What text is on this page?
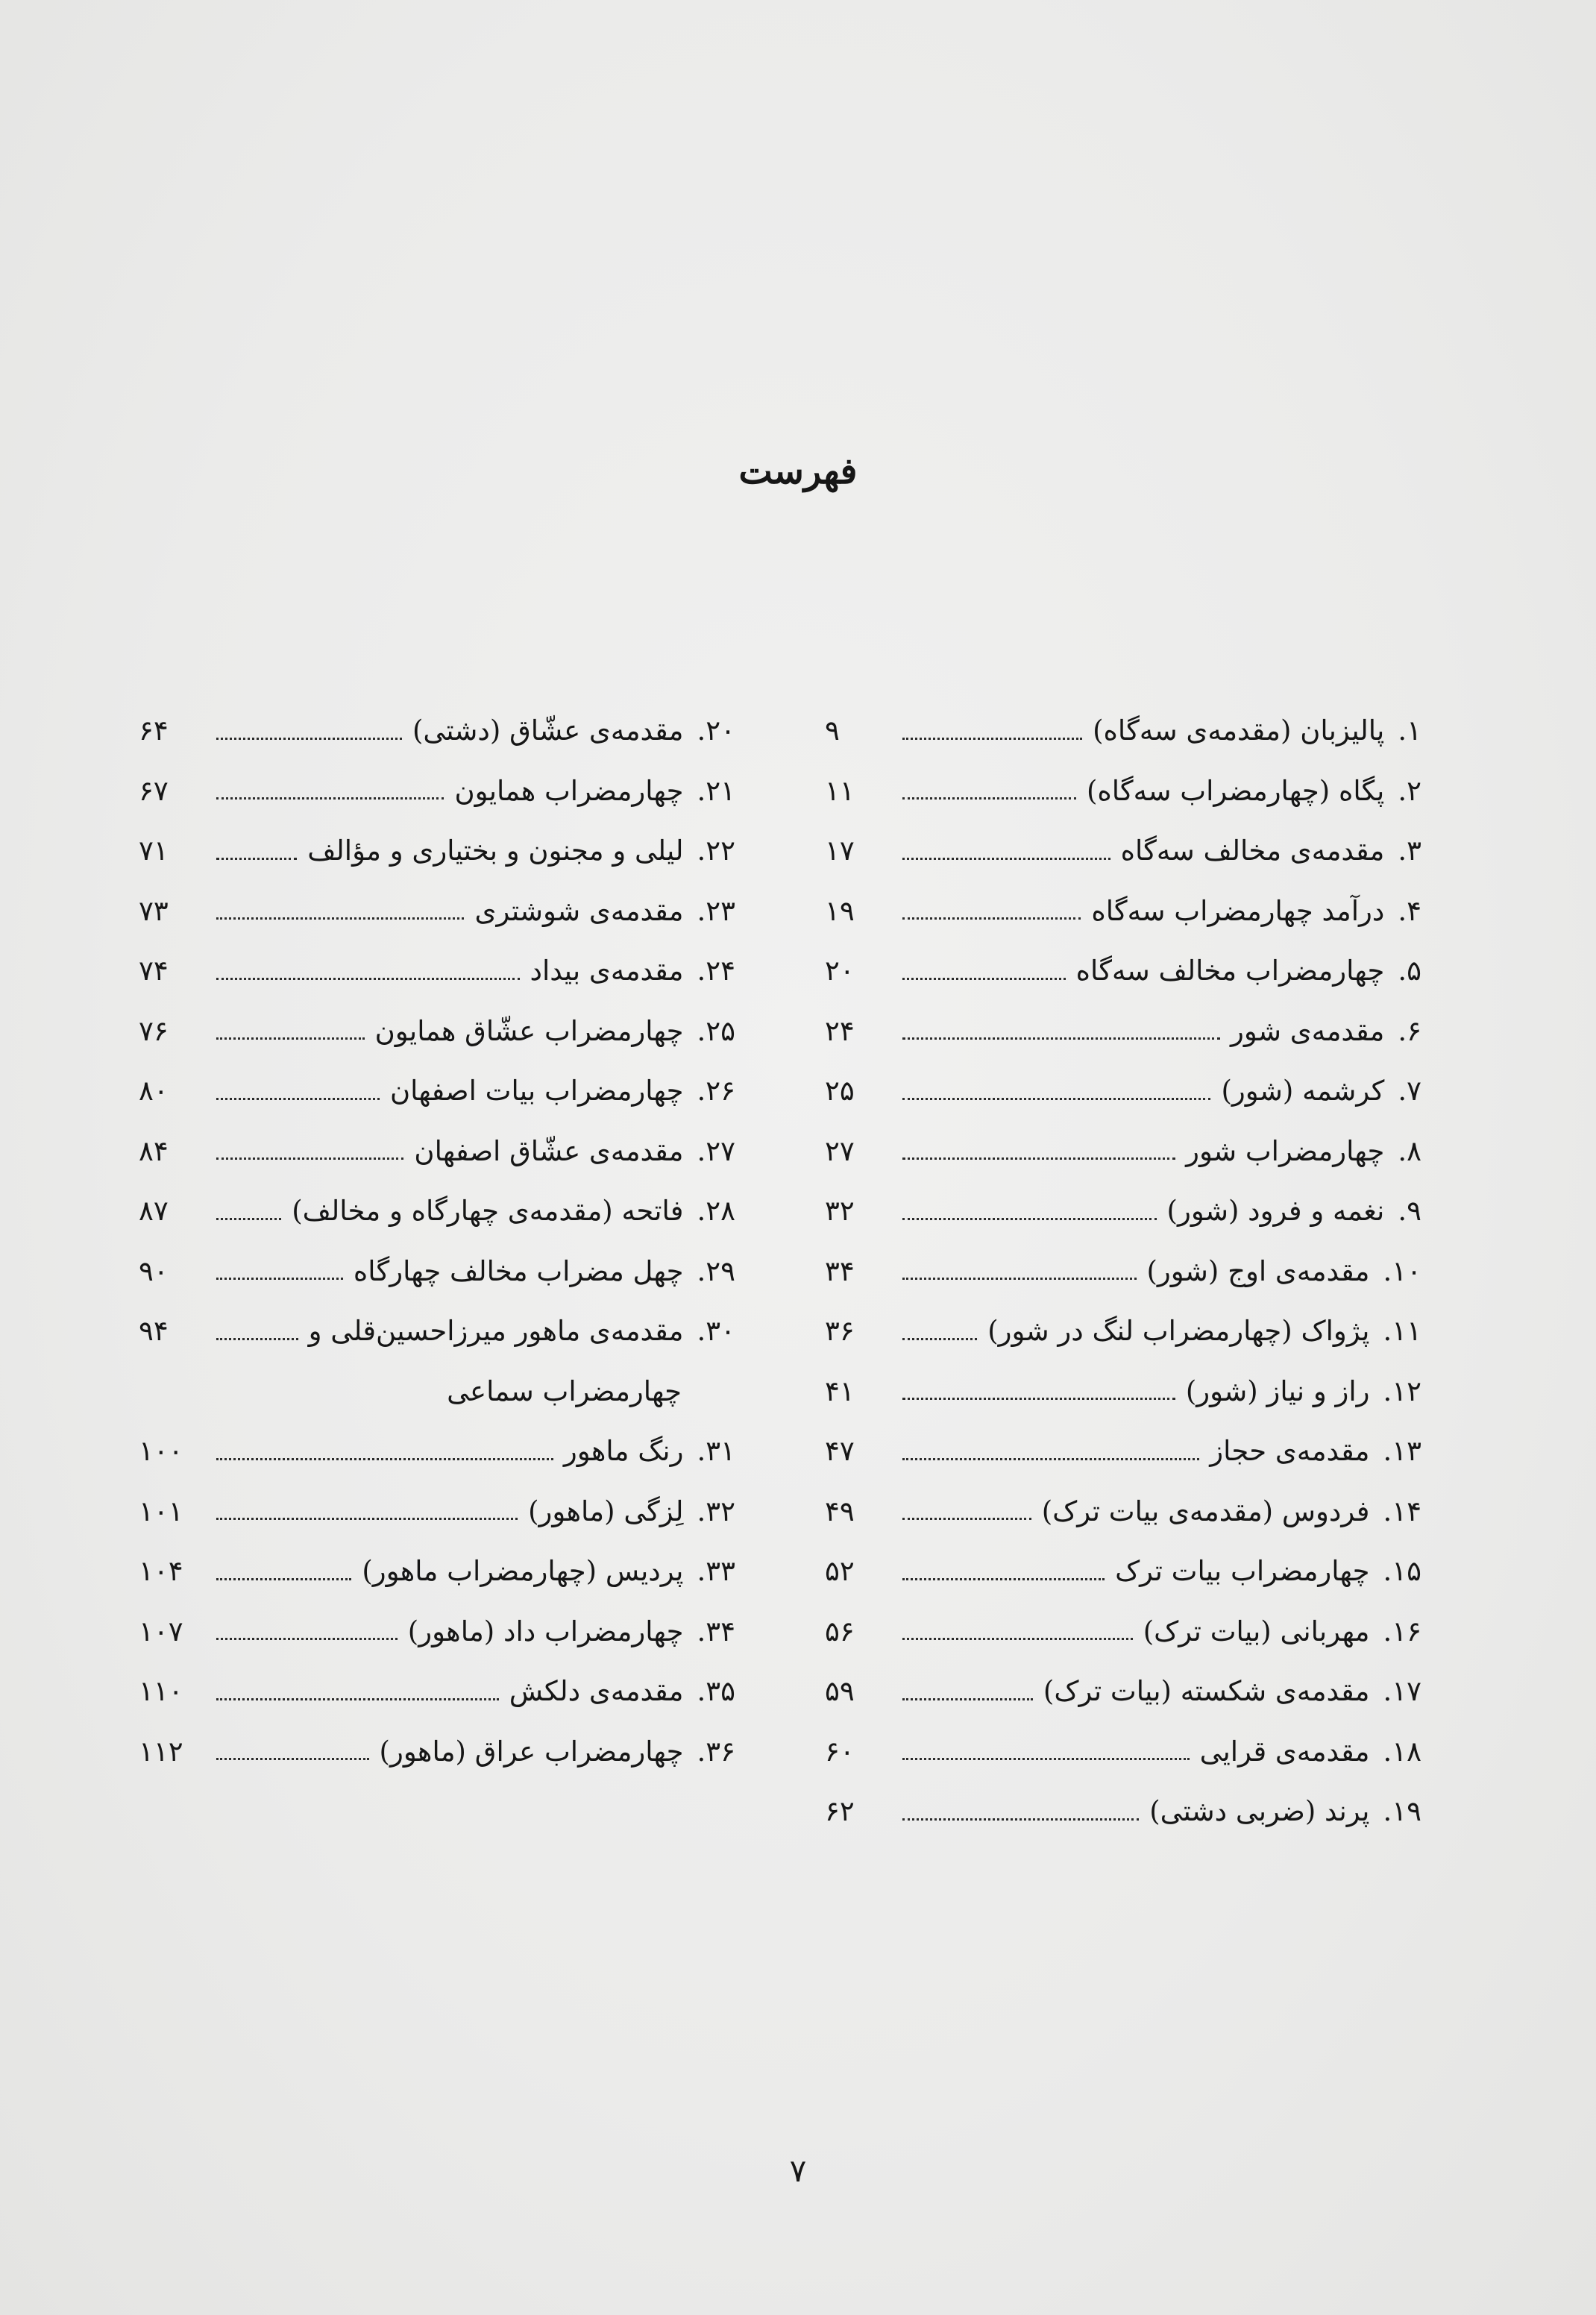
فهرست
۱.
پالیزبان (مقدمه‌ی سه‌گاه)
۹
۲.
پگاه (چهارمضراب سه‌گاه)
۱۱
۳.
مقدمه‌ی مخالف سه‌گاه
۱۷
۴.
درآمد چهارمضراب سه‌گاه
۱۹
۵.
چهارمضراب مخالف سه‌گاه
۲۰
۶.
مقدمه‌ی شور
۲۴
۷.
کرشمه (شور)
۲۵
۸.
چهارمضراب شور
۲۷
۹.
نغمه و فرود (شور)
۳۲
۱۰.
مقدمه‌ی اوج (شور)
۳۴
۱۱.
پژواک (چهارمضراب لنگ در شور)
۳۶
۱۲.
راز و نیاز (شور)
۴۱
۱۳.
مقدمه‌ی حجاز
۴۷
۱۴.
فردوس (مقدمه‌ی بیات ترک)
۴۹
۱۵.
چهارمضراب بیات ترک
۵۲
۱۶.
مهربانی (بیات ترک)
۵۶
۱۷.
مقدمه‌ی شکسته (بیات ترک)
۵۹
۱۸.
مقدمه‌ی قرایی
۶۰
۱۹.
پرند (ضربی دشتی)
۶۲
۲۰.
مقدمه‌ی عشّاق (دشتی)
۶۴
۲۱.
چهارمضراب همایون
۶۷
۲۲.
لیلی و مجنون و بختیاری و مؤالف
۷۱
۲۳.
مقدمه‌ی شوشتری
۷۳
۲۴.
مقدمه‌ی بیداد
۷۴
۲۵.
چهارمضراب عشّاق همایون
۷۶
۲۶.
چهارمضراب بیات اصفهان
۸۰
۲۷.
مقدمه‌ی عشّاق اصفهان
۸۴
۲۸.
فاتحه (مقدمه‌ی چهارگاه و مخالف)
۸۷
۲۹.
چهل مضراب مخالف چهارگاه
۹۰
۳۰.
مقدمه‌ی ماهور میرزاحسین‌قلی و
۹۴
چهارمضراب سماعی
۳۱.
رنگ ماهور
۱۰۰
۳۲.
لِزگی (ماهور)
۱۰۱
۳۳.
پردیس (چهارمضراب ماهور)
۱۰۴
۳۴.
چهارمضراب داد (ماهور)
۱۰۷
۳۵.
مقدمه‌ی دلکش
۱۱۰
۳۶.
چهارمضراب عراق (ماهور)
۱۱۲
۷
